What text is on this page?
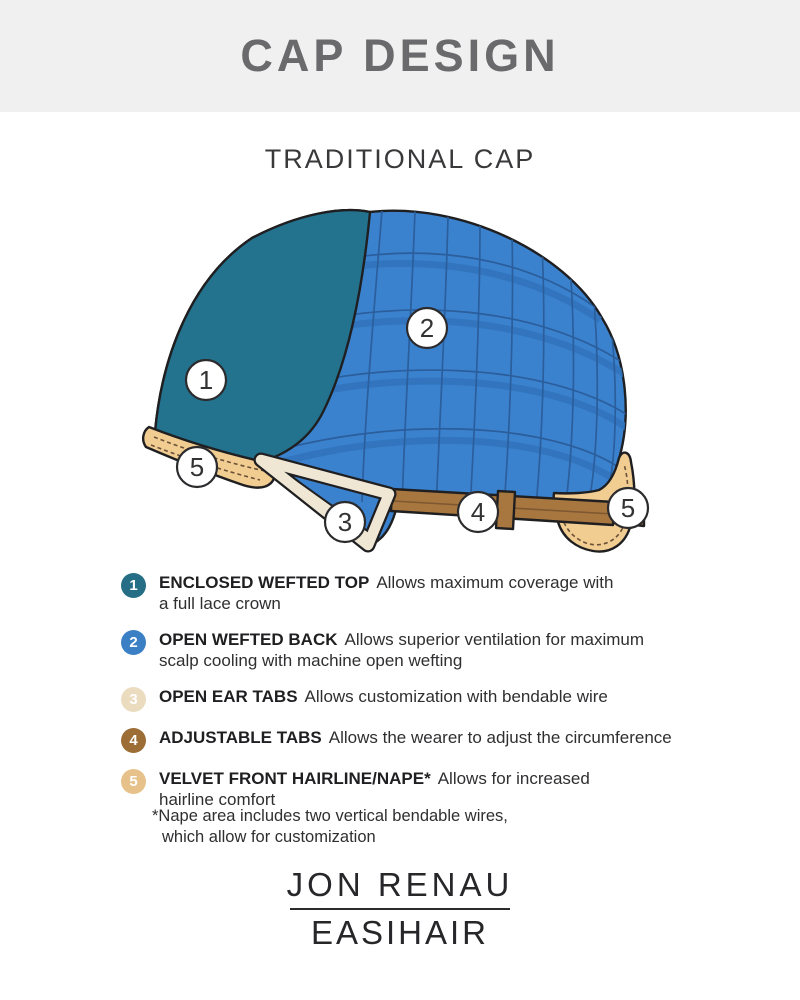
CAP DESIGN
TRADITIONAL CAP
1
2
3	4
5
5
1	ENCLOSED WEFTED TOP Allows maximum coverage with a full lace crown
2	OPEN WEFTED BACK Allows superior ventilation for maximum scalp cooling with machine open wefting
3	OPEN EAR TABS Allows customization with bendable wire
4	ADJUSTABLE TABS Allows the wearer to adjust the circumference
5	VELVET FRONT HAIRLINE/NAPE* Allows for increased hairline comfort
*Nape area includes two vertical bendable wires,
which allow for customization
JON RENAU
EASIHAIR
